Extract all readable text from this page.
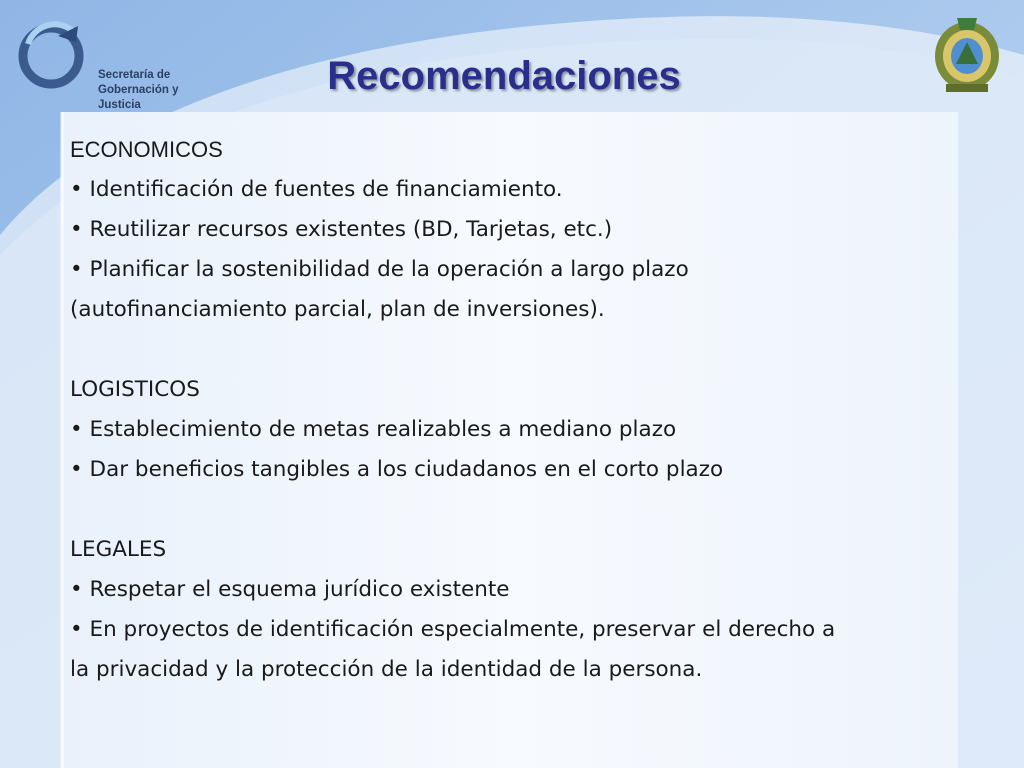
Secretaría de
Gobernación y Justicia
Recomendaciones

ECONOMICOS

• Identificación de fuentes de financiamiento.

• Reutilizar recursos existentes (BD, Tarjetas, etc.)

• Planificar la sostenibilidad de la operación a largo plazo

(autofinanciamiento parcial, plan de inversiones).

LOGISTICOS

• Establecimiento de metas realizables a mediano plazo

• Dar beneficios tangibles a los ciudadanos en el corto plazo

LEGALES

• Respetar el esquema jurídico existente

• En proyectos de identificación especialmente, preservar el derecho a

la privacidad y la protección de la identidad de la persona.
